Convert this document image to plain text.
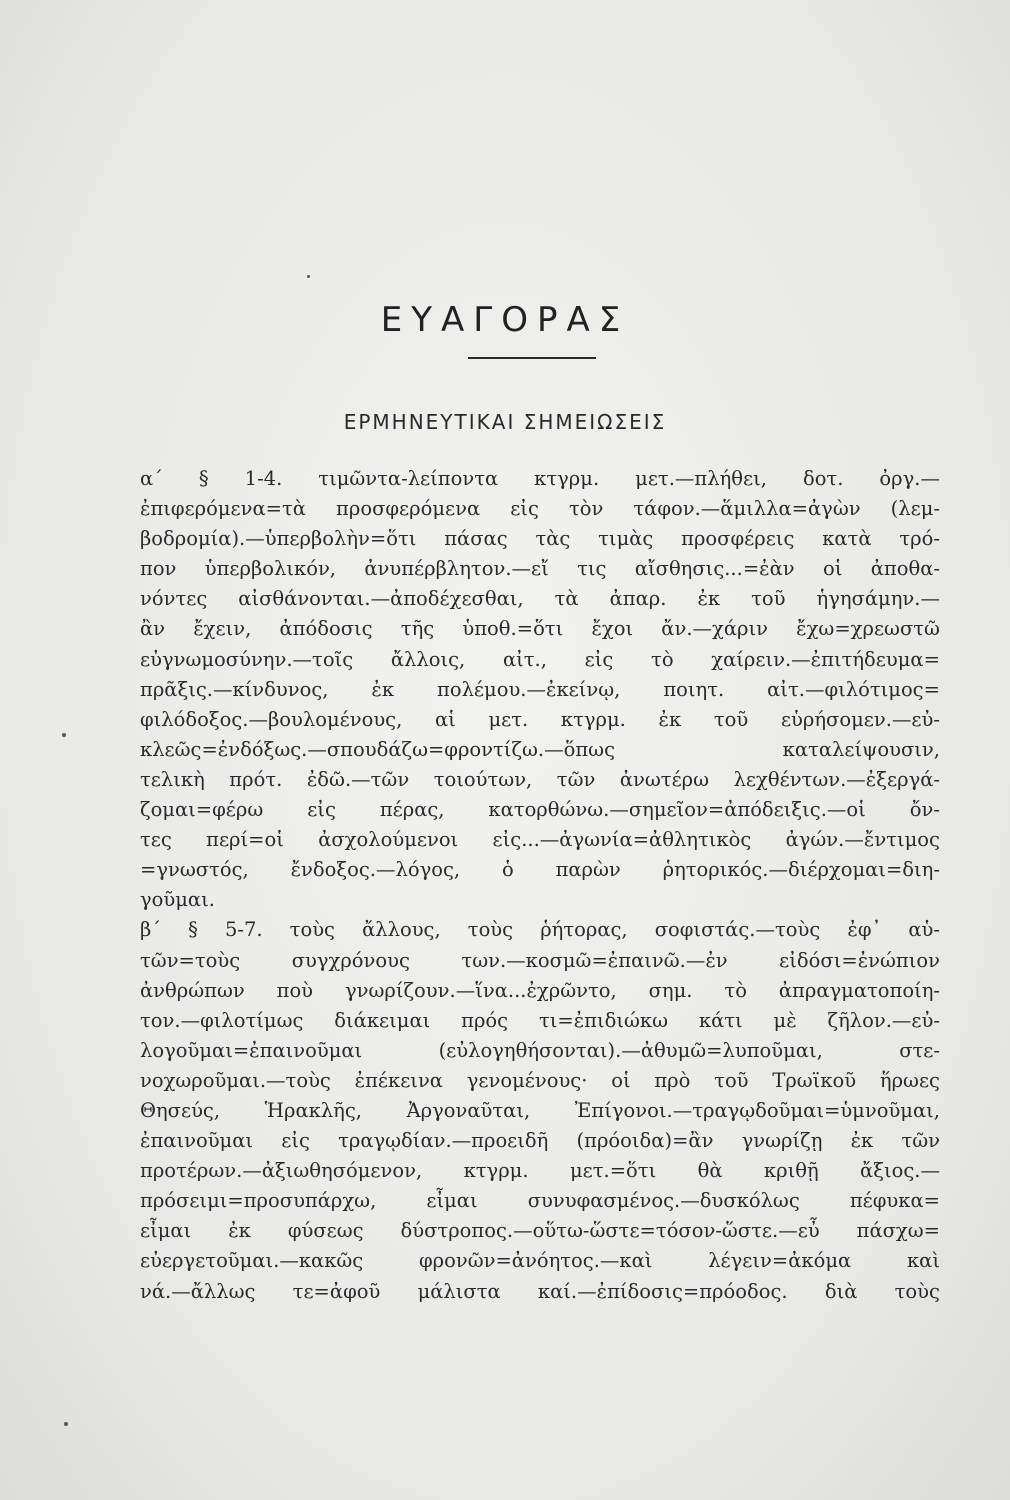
ΕΥΑΓΟΡΑΣ
ΕΡΜΗΝΕΥΤΙΚΑΙ ΣΗΜΕΙΩΣΕΙΣ
α΄ § 1-4. τιμῶντα-λείποντα κτγρμ. μετ.—πλήθει, δοτ. ὀργ.—
ἐπιφερόμενα=τὰ προσφερόμενα εἰς τὸν τάφον.—ἅμιλλα=ἀγὼν (λεμ-
βοδρομία).—ὑπερβολὴν=ὅτι πάσας τὰς τιμὰς προσφέρεις κατὰ τρό-
πον ὑπερβολικόν, ἀνυπέρβλητον.—εἴ τις αἴσθησις...=ἐὰν οἱ ἀποθα-
νόντες αἰσθάνονται.—ἀποδέχεσθαι, τὰ ἀπαρ. ἐκ τοῦ ἡγησάμην.—
ἂν ἔχειν, ἀπόδοσις τῆς ὑποθ.=ὅτι ἔχοι ἄν.—χάριν ἔχω=χρεωστῶ
εὐγνωμοσύνην.—τοῖς ἄλλοις, αἰτ., εἰς τὸ χαίρειν.—ἐπιτήδευμα=
πρᾶξις.—κίνδυνος, ἐκ πολέμου.—ἐκείνῳ, ποιητ. αἰτ.—φιλότιμος=
φιλόδοξος.—βουλομένους, αἱ μετ. κτγρμ. ἐκ τοῦ εὑρήσομεν.—εὐ-
κλεῶς=ἐνδόξως.—σπουδάζω=φροντίζω.—ὅπως	καταλείψουσιν,
τελικὴ πρότ. ἐδῶ.—τῶν τοιούτων, τῶν ἀνωτέρω λεχθέντων.—ἐξεργά-
ζομαι=φέρω εἰς πέρας, κατορθώνω.—σημεῖον=ἀπόδειξις.—οἱ ὄν-
τες περί=οἱ ἀσχολούμενοι εἰς...—ἀγωνία=ἀθλητικὸς ἀγών.—ἔντιμος
=γνωστός, ἔνδοξος.—λόγος, ὁ παρὼν ῥητορικός.—διέρχομαι=διη-
γοῦμαι.
β΄ § 5-7. τοὺς ἄλλους, τοὺς ῥήτορας, σοφιστάς.—τοὺς ἐφ᾽ αὑ-
τῶν=τοὺς	συγχρόνους	των.—κοσμῶ=ἐπαινῶ.—ἐν	εἰδόσι=ἐνώπιον
ἀνθρώπων ποὺ γνωρίζουν.—ἵνα...ἐχρῶντο, σημ. τὸ ἀπραγματοποίη-
τον.—φιλοτίμως διάκειμαι πρός τι=ἐπιδιώκω κάτι μὲ ζῆλον.—εὐ-
λογοῦμαι=ἐπαινοῦμαι	(εὐλογηθήσονται).—ἀθυμῶ=λυποῦμαι,	στε-
νοχωροῦμαι.—τοὺς ἐπέκεινα γενομένους· οἱ πρὸ τοῦ Τρωϊκοῦ ἥρωες
Θησεύς, Ἡρακλῆς, Ἀργοναῦται, Ἐπίγονοι.—τραγῳδοῦμαι=ὑμνοῦμαι,
ἐπαινοῦμαι εἰς τραγῳδίαν.—προειδῆ (πρόοιδα)=ἂν γνωρίζῃ ἐκ τῶν
προτέρων.—ἀξιωθησόμενον, κτγρμ. μετ.=ὅτι θὰ κριθῇ ἄξιος.—
πρόσειμι=προσυπάρχω,	εἶμαι	συνυφασμένος.—δυσκόλως	πέφυκα=
εἶμαι ἐκ φύσεως δύστροπος.—οὕτω-ὥστε=τόσον-ὥστε.—εὖ πάσχω=
εὐεργετοῦμαι.—κακῶς	φρονῶν=ἀνόητος.—καὶ	λέγειν=ἀκόμα	καὶ
νά.—ἄλλως τε=ἀφοῦ μάλιστα καί.—ἐπίδοσις=πρόοδος. διὰ τοὺς
